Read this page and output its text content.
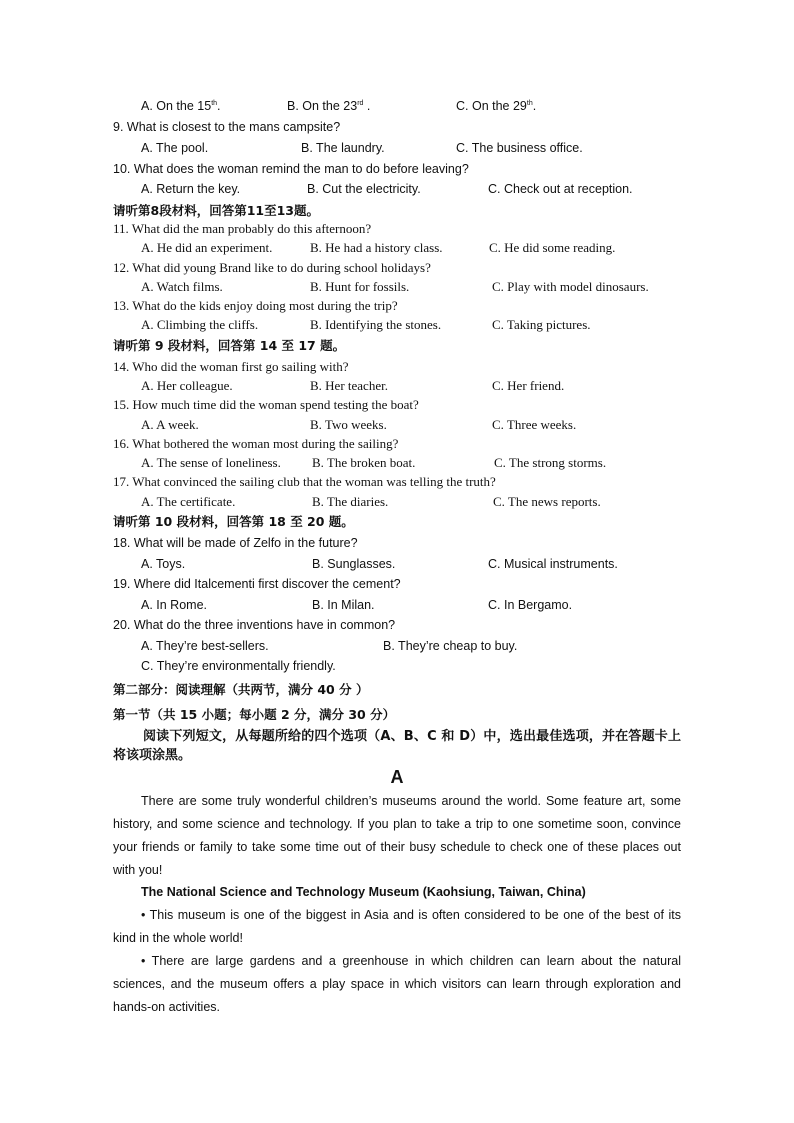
A. On the 15th.	B. On the 23rd .	C. On the 29th.
9. What is closest to the mans campsite?
A. The pool.	B. The laundry.	C. The business office.
10. What does the woman remind the man to do before leaving?
A. Return the key.	B. Cut the electricity.	C. Check out at reception.
请听第8段材料，回答第11至13题。
11. What did the man probably do this afternoon?
A. He did an experiment.	B. He had a history class.	C. He did some reading.
12. What did young Brand like to do during school holidays?
A. Watch films.	B. Hunt for fossils.	C. Play with model dinosaurs.
13. What do the kids enjoy doing most during the trip?
A. Climbing the cliffs.	B. Identifying the stones.	C. Taking pictures.
请听第 9 段材料，回答第 14 至 17 题。
14. Who did the woman first go sailing with?
A. Her colleague.	B. Her teacher.	C. Her friend.
15. How much time did the woman spend testing the boat?
A. A week.	B. Two weeks.	C. Three weeks.
16. What bothered the woman most during the sailing?
A. The sense of loneliness. B. The broken boat.	C. The strong storms.
17. What convinced the sailing club that the woman was telling the truth?
A. The certificate.	B. The diaries.	C. The news reports.
请听第 10 段材料，回答第 18 至 20 题。
18. What will be made of Zelfo in the future?
A. Toys.	B. Sunglasses.	C. Musical instruments.
19. Where did Italcementi first discover the cement?
A. In Rome.	B. In Milan.	C. In Bergamo.
20. What do the three inventions have in common?
A. They’re best-sellers.	B. They’re cheap to buy.
C. They’re environmentally friendly.
第二部分：阅读理解（共两节，满分 40 分 ）
第一节（共 15 小题；每小题 2 分，满分 30 分）
阅读下列短文，从每题所给的四个选项（A、B、C 和 D）中，选出最佳选项，并在答题卡上将该项涂黑。
A
There are some truly wonderful children’s museums around the world. Some feature art, some history, and some science and technology. If you plan to take a trip to one sometime soon, convince your friends or family to take some time out of their busy schedule to check one of these places out with you!
The National Science and Technology Museum (Kaohsiung, Taiwan, China)
• This museum is one of the biggest in Asia and is often considered to be one of the best of its kind in the whole world!
• There are large gardens and a greenhouse in which children can learn about the natural sciences, and the museum offers a play space in which visitors can learn through exploration and hands-on activities.
